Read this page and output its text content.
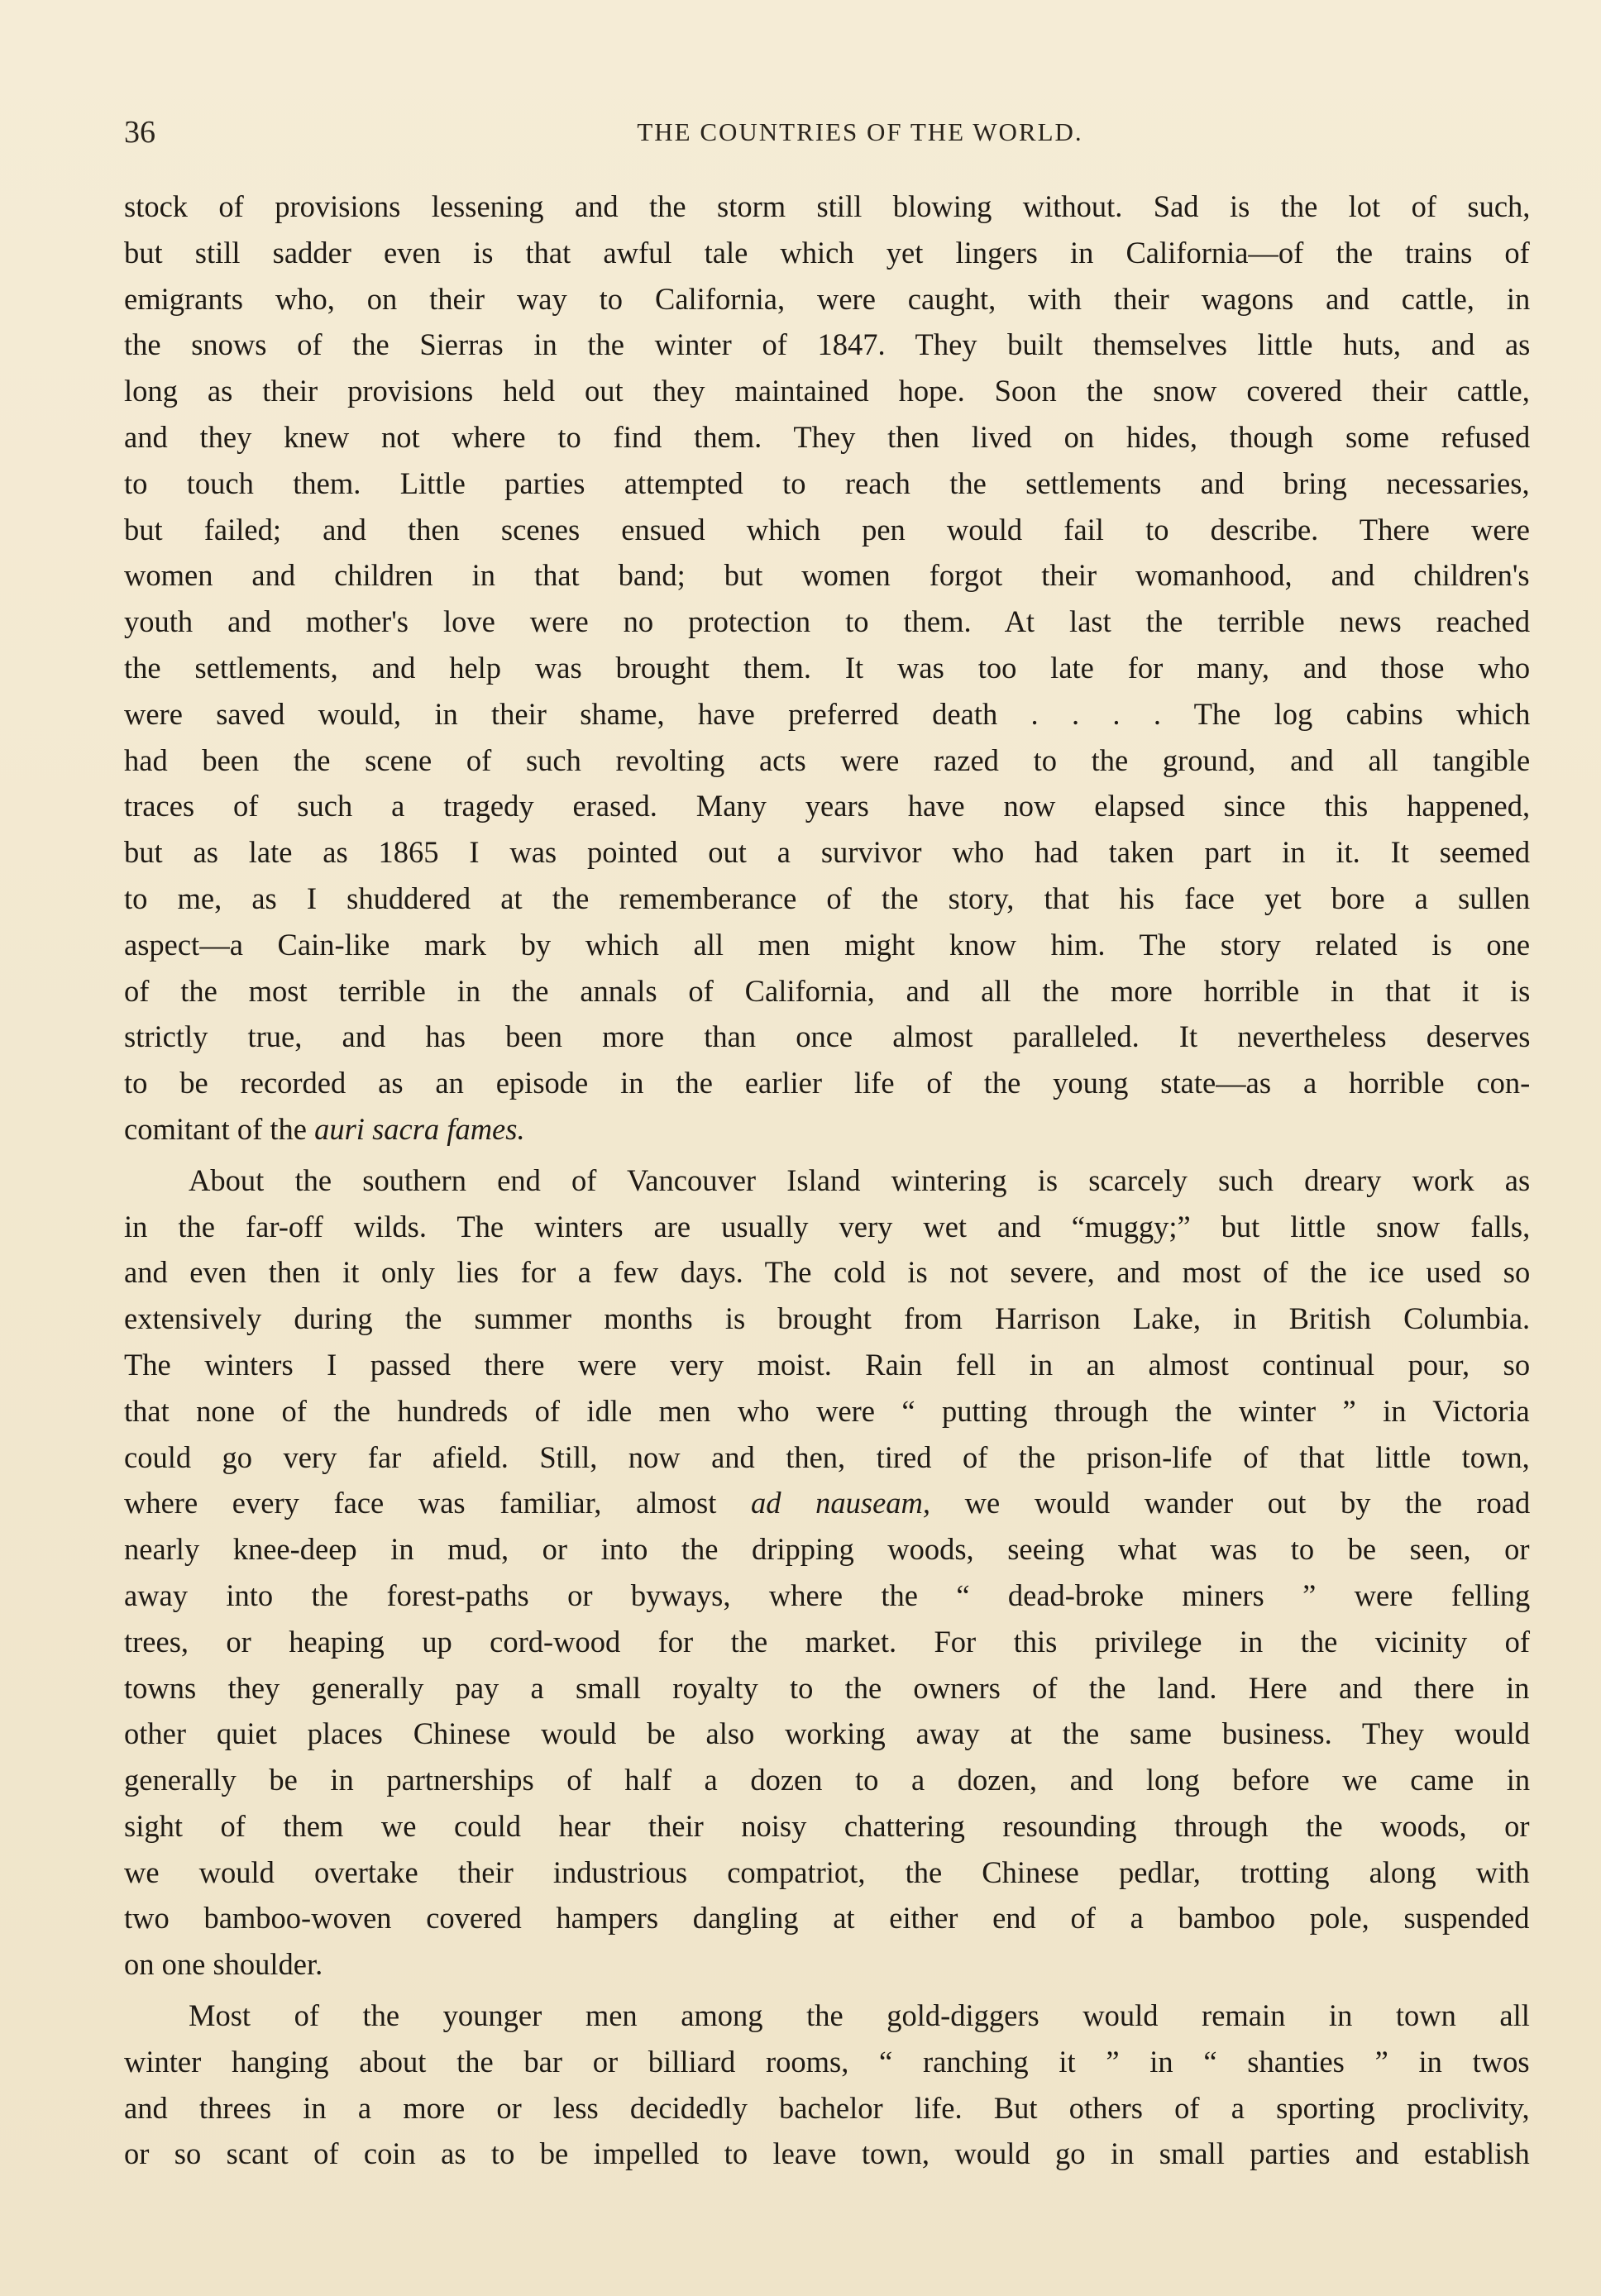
36	THE COUNTRIES OF THE WORLD.
stock of provisions lessening and the storm still blowing without. Sad is the lot of such,
but still sadder even is that awful tale which yet lingers in California—of the trains of
emigrants who, on their way to California, were caught, with their wagons and cattle, in
the snows of the Sierras in the winter of 1847. They built themselves little huts, and as
long as their provisions held out they maintained hope. Soon the snow covered their cattle,
and they knew not where to find them. They then lived on hides, though some refused
to touch them. Little parties attempted to reach the settlements and bring necessaries,
but failed; and then scenes ensued which pen would fail to describe. There were
women and children in that band; but women forgot their womanhood, and children's
youth and mother's love were no protection to them. At last the terrible news reached
the settlements, and help was brought them. It was too late for many, and those who
were saved would, in their shame, have preferred death . . . . The log cabins which
had been the scene of such revolting acts were razed to the ground, and all tangible
traces of such a tragedy erased. Many years have now elapsed since this happened,
but as late as 1865 I was pointed out a survivor who had taken part in it. It seemed
to me, as I shuddered at the rememberance of the story, that his face yet bore a sullen
aspect—a Cain-like mark by which all men might know him. The story related is one
of the most terrible in the annals of California, and all the more horrible in that it is
strictly true, and has been more than once almost paralleled. It nevertheless deserves
to be recorded as an episode in the earlier life of the young state—as a horrible con-
comitant of the auri sacra fames.
About the southern end of Vancouver Island wintering is scarcely such dreary work as
in the far-off wilds. The winters are usually very wet and “muggy;” but little snow falls,
and even then it only lies for a few days. The cold is not severe, and most of the ice used so
extensively during the summer months is brought from Harrison Lake, in British Columbia.
The winters I passed there were very moist. Rain fell in an almost continual pour, so
that none of the hundreds of idle men who were “ putting through the winter ” in Victoria
could go very far afield. Still, now and then, tired of the prison-life of that little town,
where every face was familiar, almost ad nauseam, we would wander out by the road
nearly knee-deep in mud, or into the dripping woods, seeing what was to be seen, or
away into the forest-paths or byways, where the “ dead-broke miners ” were felling
trees, or heaping up cord-wood for the market. For this privilege in the vicinity of
towns they generally pay a small royalty to the owners of the land. Here and there in
other quiet places Chinese would be also working away at the same business. They would
generally be in partnerships of half a dozen to a dozen, and long before we came in
sight of them we could hear their noisy chattering resounding through the woods, or
we would overtake their industrious compatriot, the Chinese pedlar, trotting along with
two bamboo-woven covered hampers dangling at either end of a bamboo pole, suspended
on one shoulder.
Most of the younger men among the gold-diggers would remain in town all
winter hanging about the bar or billiard rooms, “ ranching it ” in “ shanties ” in twos
and threes in a more or less decidedly bachelor life. But others of a sporting proclivity,
or so scant of coin as to be impelled to leave town, would go in small parties and establish
